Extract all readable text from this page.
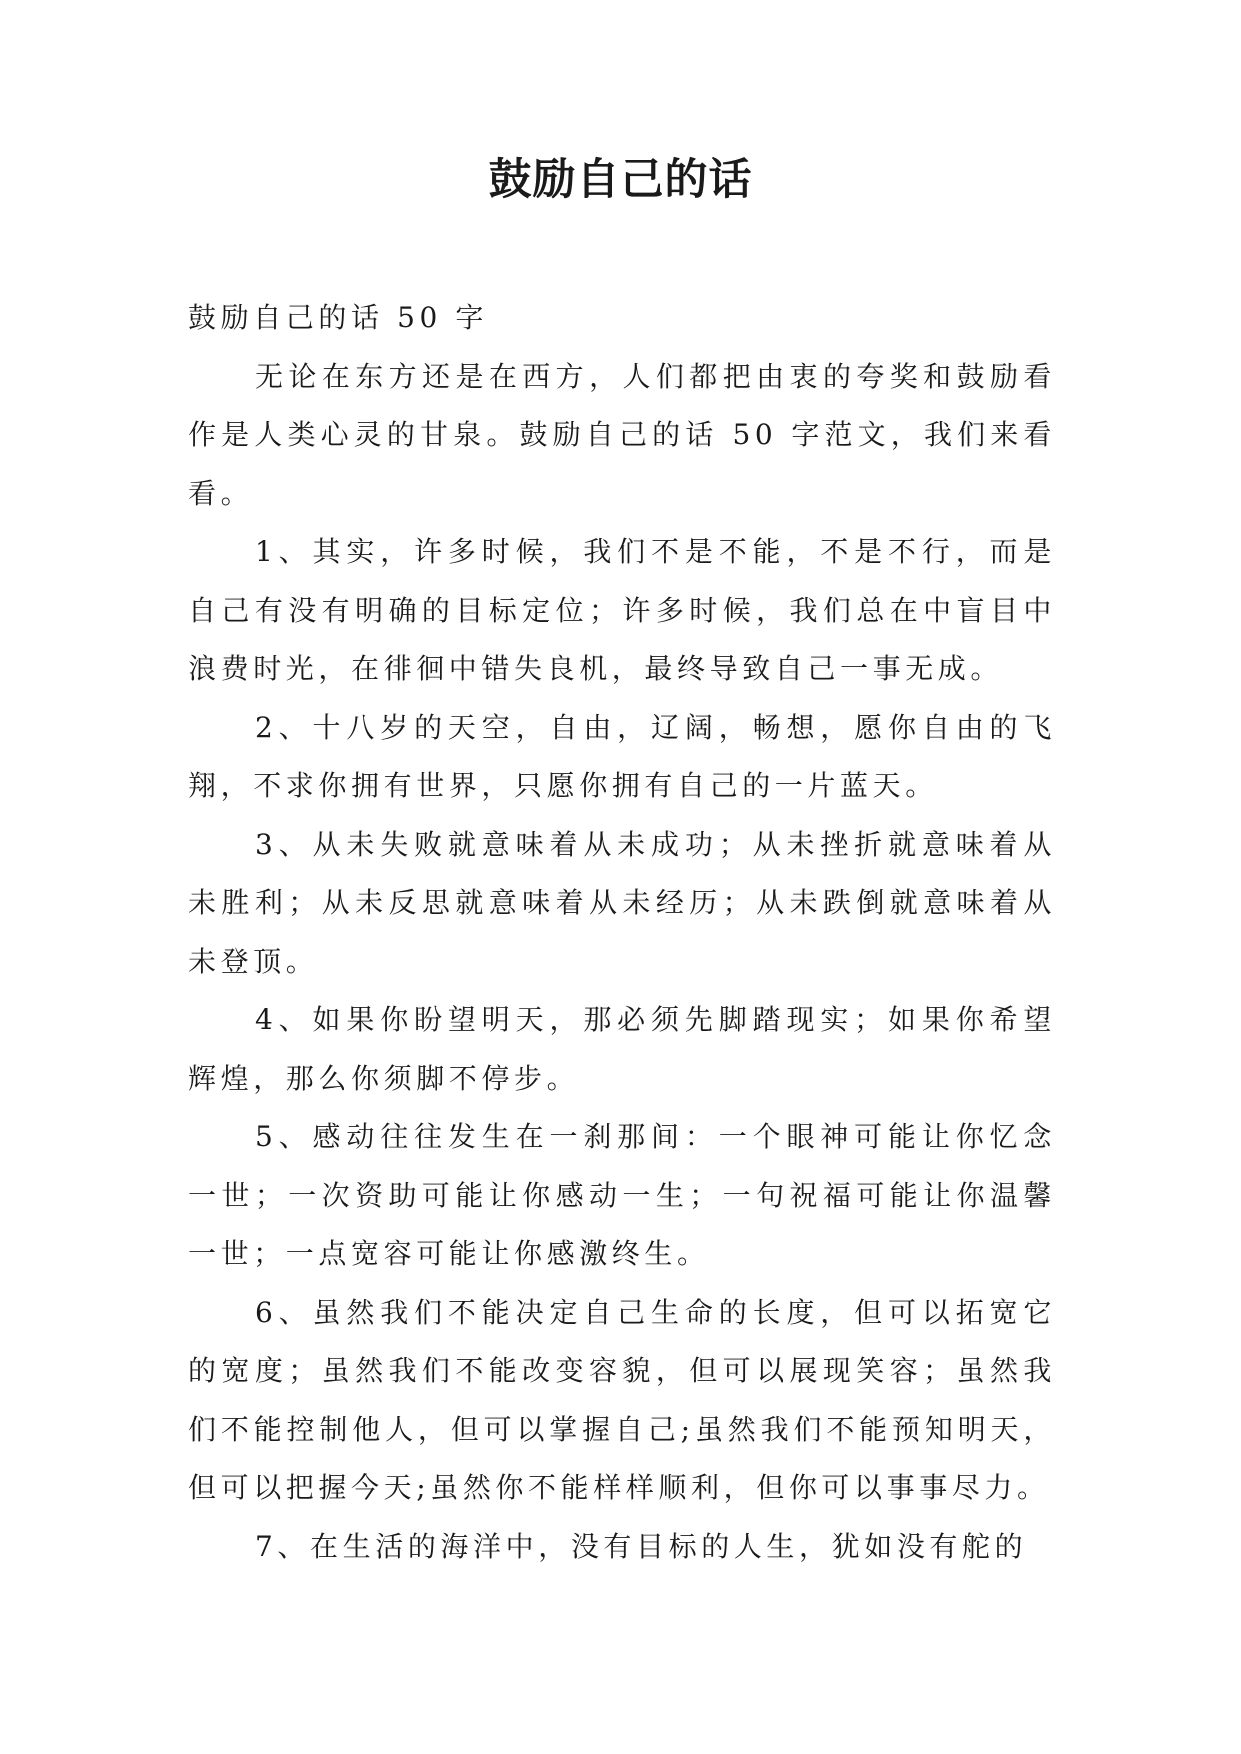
鼓励自己的话

鼓励自己的话 50 字

无论在东方还是在西方，人们都把由衷的夸奖和鼓励看作是人类心灵的甘泉。鼓励自己的话 50 字范文，我们来看看。

1、其实，许多时候，我们不是不能，不是不行，而是自己有没有明确的目标定位；许多时候，我们总在中盲目中浪费时光，在徘徊中错失良机，最终导致自己一事无成。

2、十八岁的天空，自由，辽阔，畅想，愿你自由的飞翔，不求你拥有世界，只愿你拥有自己的一片蓝天。

3、从未失败就意味着从未成功；从未挫折就意味着从未胜利；从未反思就意味着从未经历；从未跌倒就意味着从未登顶。

4、如果你盼望明天，那必须先脚踏现实；如果你希望辉煌，那么你须脚不停步。

5、感动往往发生在一刹那间：一个眼神可能让你忆念一世；一次资助可能让你感动一生；一句祝福可能让你温馨一世；一点宽容可能让你感激终生。

6、虽然我们不能决定自己生命的长度，但可以拓宽它的宽度；虽然我们不能改变容貌，但可以展现笑容；虽然我们不能控制他人，但可以掌握自己;虽然我们不能预知明天，但可以把握今天;虽然你不能样样顺利，但你可以事事尽力。

7、在生活的海洋中，没有目标的人生，犹如没有舵的
